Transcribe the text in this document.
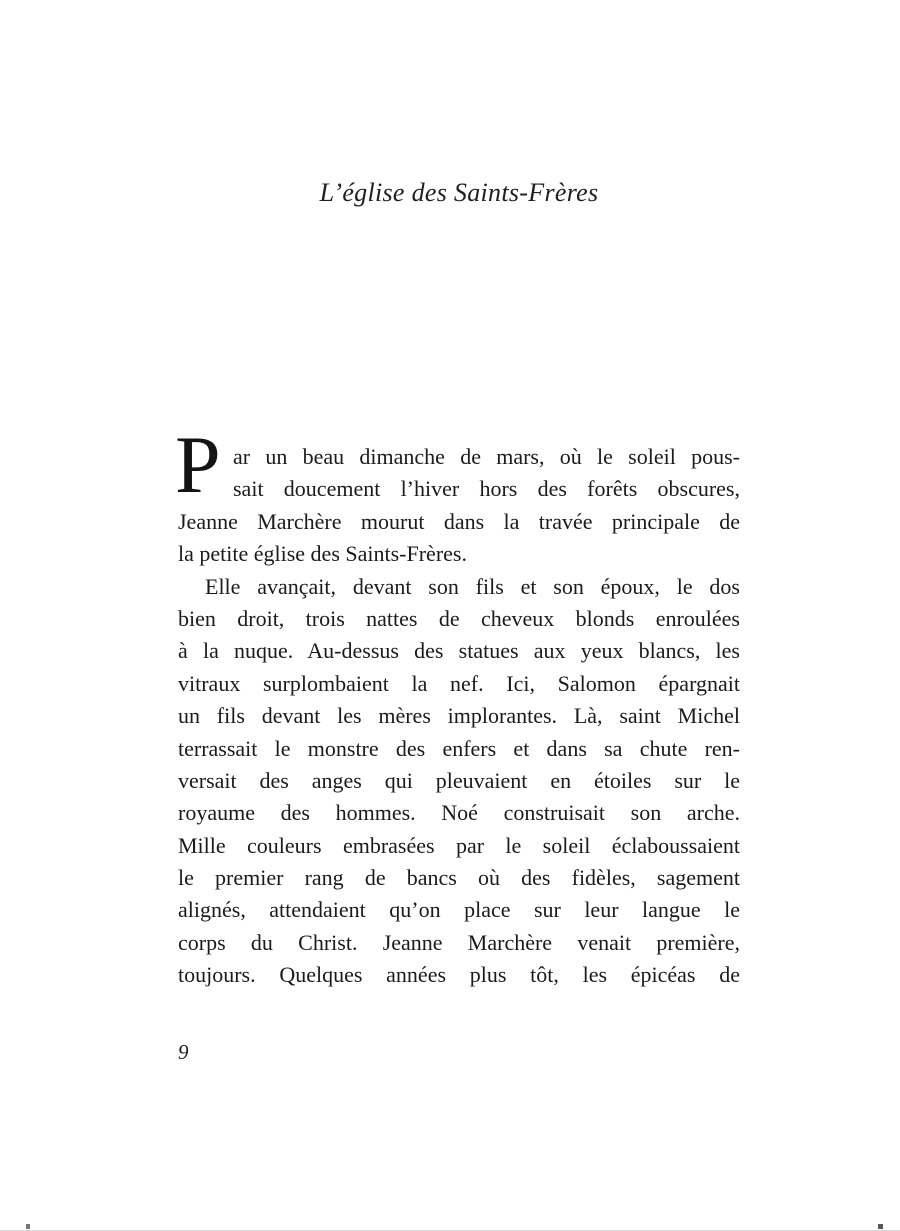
L’église des Saints-Frères
P ar un beau dimanche de mars, où le soleil pous-
sait doucement l’hiver hors des forêts obscures,
Jeanne Marchère mourut dans la travée principale de
la petite église des Saints-Frères.
Elle avançait, devant son fils et son époux, le dos
bien droit, trois nattes de cheveux blonds enroulées
à la nuque. Au-dessus des statues aux yeux blancs, les
vitraux surplombaient la nef. Ici, Salomon épargnait
un fils devant les mères implorantes. Là, saint Michel
terrassait le monstre des enfers et dans sa chute ren-
versait des anges qui pleuvaient en étoiles sur le
royaume des hommes. Noé construisait son arche.
Mille couleurs embrasées par le soleil éclaboussaient
le premier rang de bancs où des fidèles, sagement
alignés, attendaient qu’on place sur leur langue le
corps du Christ. Jeanne Marchère venait première,
toujours. Quelques années plus tôt, les épicéas de
9
